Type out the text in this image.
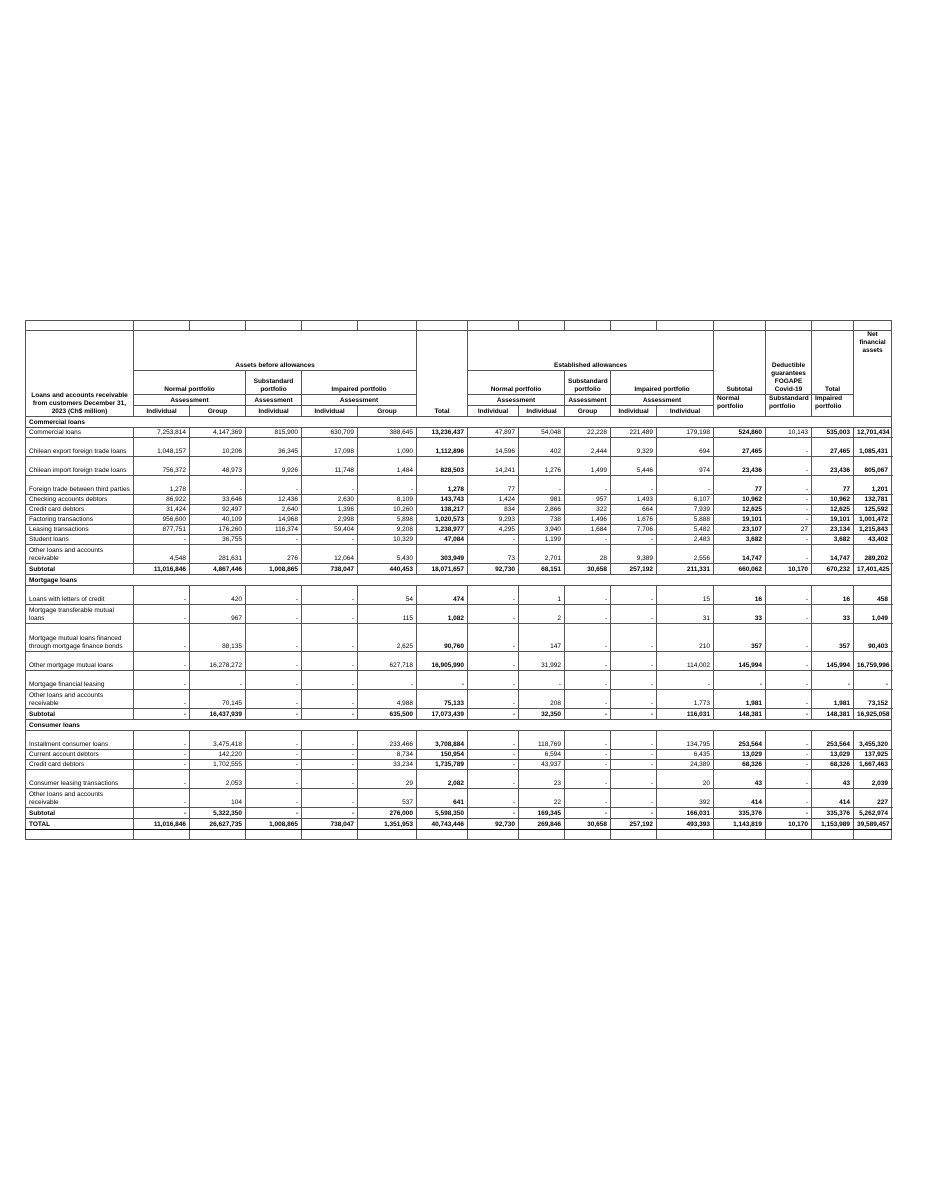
Loans and accounts receivable from customers December 31, 2023 (Ch$ million)	Assets before allowances					Total	Established allowances					Subtotal	Deductible guarantees FOGAPE Covid-19	Total	Net financial assets
	Normal portfolio		Substandard portfolio	Impaired portfolio			Normal portfolio		Substandard portfolio	Impaired portfolio					
	Assessment		Assessment	Assessment			Assessment		Assessment	Assessment		Normal portfolio	Substandard portfolio	Impaired portfolio	
	Individual	Group	Individual	Individual	Group		Individual	Individual	Group	Individual	Individual				
Commercial loans															
Commercial loans	7,253,814	4,147,369	815,900	630,709	388,645	13,236,437	47,897	54,048	22,228	221,489	179,198	524,860	10,143	535,003	12,701,434
Chilean export foreign trade loans	1,048,157	10,206	36,345	17,098	1,090	1,112,896	14,596	402	2,444	9,329	694	27,465	-	27,465	1,085,431
Chilean import foreign trade loans	756,372	48,973	9,926	11,748	1,484	828,503	14,241	1,276	1,499	5,446	974	23,436	-	23,436	805,067
Foreign trade between third parties	1,278	-	-	-	-	1,278	77	-	-	-	-	77	-	77	1,201
Checking accounts debtors	86,922	33,646	12,436	2,630	8,109	143,743	1,424	981	957	1,493	6,107	10,962	-	10,962	132,781
Credit card debtors	31,424	92,497	2,640	1,396	10,260	138,217	834	2,866	322	664	7,939	12,625	-	12,625	125,592
Factoring transactions	956,600	40,109	14,968	2,998	5,898	1,020,573	9,293	738	1,496	1,676	5,888	19,101	-	19,101	1,001,472
Leasing transactions	877,751	176,260	116,374	59,404	9,208	1,238,977	4,295	3,940	1,684	7,706	5,482	23,107	27	23,134	1,215,843
Student loans	-	36,755	-	-	10,329	47,084	-	1,199	-	-	2,483	3,682	-	3,682	43,402
Other loans and accounts receivable	4,548	281,631	276	12,064	5,430	303,949	73	2,701	28	9,389	2,556	14,747	-	14,747	289,202
Subtotal	11,016,846	4,867,446	1,008,865	738,047	440,453	18,071,657	92,730	68,151	30,658	257,192	211,331	660,062	10,170	670,232	17,401,425
Mortgage loans															
Loans with letters of credit	-	420	-	-	54	474	-	1	-	-	15	16	-	16	458
Mortgage transferable mutual loans	-	967	-	-	115	1,082	-	2	-	-	31	33	-	33	1,049
Mortgage mutual loans financed through mortgage finance bonds	-	88,135	-	-	2,625	90,760	-	147	-	-	210	357	-	357	90,403
Other mortgage mutual loans	-	16,278,272	-	-	627,718	16,905,990	-	31,992	-	-	114,002	145,994	-	145,994	16,759,996
Mortgage financial leasing	-	-	-	-	-	-	-	-	-	-	-	-	-	-	-
Other loans and accounts receivable	-	70,145	-	-	4,988	75,133	-	208	-	-	1,773	1,981	-	1,981	73,152
Subtotal	-	16,437,939	-	-	635,500	17,073,439	-	32,350	-	-	116,031	148,381	-	148,381	16,925,058
Consumer loans															
Installment consumer loans	-	3,475,418	-	-	233,466	3,708,884	-	118,769	-	-	134,795	253,564	-	253,564	3,455,320
Current account debtors	-	142,220	-	-	8,734	150,954	-	6,594	-	-	6,435	13,029	-	13,029	137,925
Credit card debtors	-	1,702,555	-	-	33,234	1,735,789	-	43,937	-	-	24,389	68,326	-	68,326	1,667,463
Consumer leasing transactions	-	2,053	-	-	29	2,082	-	23	-	-	20	43	-	43	2,039
Other loans and accounts receivable	-	104	-	-	537	641	-	22	-	-	392	414	-	414	227
Subtotal	-	5,322,350	-	-	276,000	5,598,350	-	169,345	-	-	166,031	335,376	-	335,376	5,262,974
TOTAL	11,016,846	26,627,735	1,008,865	738,047	1,351,953	40,743,446	92,730	269,846	30,658	257,192	493,393	1,143,819	10,170	1,153,989	39,589,457
